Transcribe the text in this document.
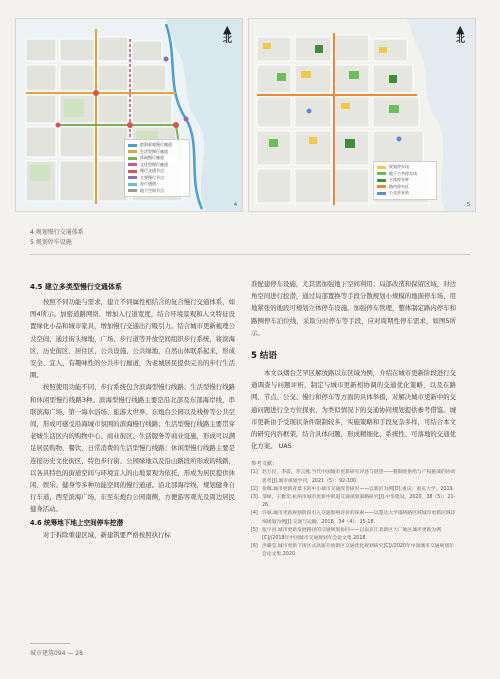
▲
北
滨海景观慢行廊道
生活型慢行廊道
休闲慢行廊道
文化型慢行廊道
慢行交通节点
主要慢行节点
步行通道
地下空间节点
4
▲
北
规划停车场
地下公共停车场
立体停车库
路内停车区
公交首末站
5
4 规划慢行交通体系
5 规划停车设施
4.5 建立多类型慢行交通体系

按照不同功能与需求，建立不同属性相结合的复合慢行交通体系，如图4所示。加密道路网络，增加入行道宽度，结合环境景观和人文特征设置绿化小品和城市家具，增加慢行交通出行吸引力。结合城市更新梳理公共空间，通过街头绿地、广场、步行道等开放空间组织步行系统，将滨海区、历史街区、居住区、公共设施、公共绿地、自然山体联系起来，形成安全、宜人、有趣味性的公共步行廊道，为老城居民提供完善的步行生活圈。

按照使用功能不同，步行系统包含滨海型慢行线路、生活型慢行线路和休闲型慢行线路3种。滨海型慢行线路主要是沿北部及东部海岸线，串联滨海广场、第一海水浴场、旅游大世界、东炮台公园以及栈桥等公共空间，形成可感受沿海城市氛围的滨海慢行线路；生活型慢行线路主要贯穿老城生活区内的购物中心、商业街区、生活服务等商业设施，形成可以满足居民购物、餐饮、日常消费的生活型慢行线路；休闲型慢行线路主要是连接历史文化街区、特色步行街、公园绿地以及沿山路段所形成的线路，以各具特色的街道空间与环境宜人的山地景观为依托，形成为居民提供休闲、娱乐、健身等多种功能空间的慢行通道。沿北部海岸线，规划健身自行车道，西至滨海广场，东至东炮台公园南侧，方便游客观光及周边居民健身活动。

4.6 统筹地下地上空间停车挖潜

对于拆除重建区域，新建筑要严格按照执行标

准配建停车设施，尤其需加强地下空间利用；局部改造和保留区域，对边角空间进行挖潜，通过局部置换等手段分散规划小规模的地面停车场，用地紧张的地段可规划立体停车设施。加强停车管理，整体制定路内停车和路侧停车泊位线，采取分时停车等手段，应对周期性停车需求，如图5所示。

5 结语

本文以烟台芝罘区解放路以东区域为例，介绍在城市更新阶段进行交通调查与问题评析，制定与城市更新相协调的交通优化策略，以及在路网、节点、公交、慢行和停车等方面的具体举措，对解决城市更新中的交通问题进行全方位探索，为类似情况下的交通协同规划提供参考借鉴。城市更新由于受现状条件限制较多，实施策略和手段复杂多样，可结合本文的研究内容框架，结合具体问题，形成精细化、系统性、可落地的交通优化方案。 UAS

参考文献：
[1] 赵万民，李震，李云燕.当代中国城市更新研究评述与展望——暨制度供给与产权挑战的协同思考[J].城市规划学刊，2021（5）：92-100.
[2] 张娜.城市更新背景下的中小城市交通改善研究——以新沂为例[D].重庆：重庆大学，2019.
[3] 邹峰，王雅奕.杭州市城市更新中街道交通规划策略研究[J].中华建设，2020，38（5）：21-26.
[4] 许斌.城市更新规划阶段引入交通影响评价的探索——以慧达大学邵桥路区域城市更新区域详细规划为例[J].交通与运输，2018，34（4）：15-18.
[5] 张宇宙.城市更新发展路径的交通规划协同——以南京江北新区大厂地区城市更新为例[C]//2018年中国城市交通规划年会论文集.2018.
[6] 洪璐莹.城市更新下街区式高密开放街区交通优化规划研究[C]//2020年中国城市交通规划年会论文集.2020.
城市建筑094 — 28
